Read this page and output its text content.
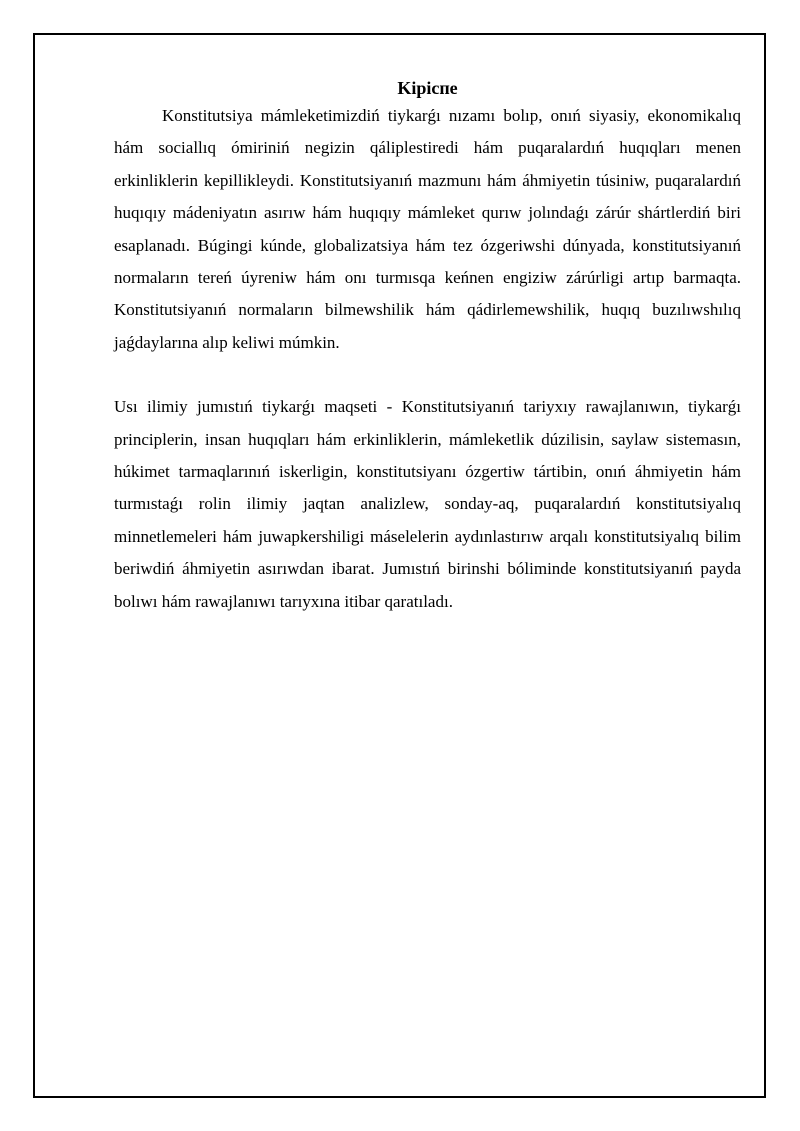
Kipicпe

Konstitutsiya mámleketimizdiń tiykarǵı nızamı bolıp, onıń siyasiy, ekonomikalıq hám sociallıq ómiriniń negizin qáliplestiredi hám puqaralardıń huqıqları menen erkinliklerin kepillikleydi. Konstitutsiyanıń mazmunı hám áhmiyetin túsiniw, puqaralardıń huqıqıy mádeniyatın asırıw hám huqıqıy mámleket qurıw jolındaǵı zárúr shártlerdiń biri esaplanadı. Búgingi kúnde, globalizatsiya hám tez ózgeriwshi dúnyada, konstitutsiyanıń normaların tereń úyreniw hám onı turmısqa keńnen engiziw zárúrligi artıp barmaqta. Konstitutsiyanıń normaların bilmewshilik hám qádirlemewshilik, huqıq buzılıwshılıq jaǵdaylarına alıp keliwi múmkin.

Usı ilimiy jumıstıń tiykarǵı maqseti - Konstitutsiyanıń tariyxıy rawajlanıwın, tiykarǵı principlerin, insan huqıqları hám erkinliklerin, mámleketlik dúzilisin, saylaw sistemasın, húkimet tarmaqlarınıń iskerligin, konstitutsiyanı ózgertiw tártibin, onıń áhmiyetin hám turmıstaǵı rolin ilimiy jaqtan analizlew, sonday-aq, puqaralardıń konstitutsiyalıq minnetlemeleri hám juwapkershiligi máselelerin aydınlastırıw arqalı konstitutsiyalıq bilim beriwdiń áhmiyetin asırıwdan ibarat. Jumıstıń birinshi bóliminde konstitutsiyanıń payda bolıwı hám rawajlanıwı tarıyxına itibar qaratıladı.
